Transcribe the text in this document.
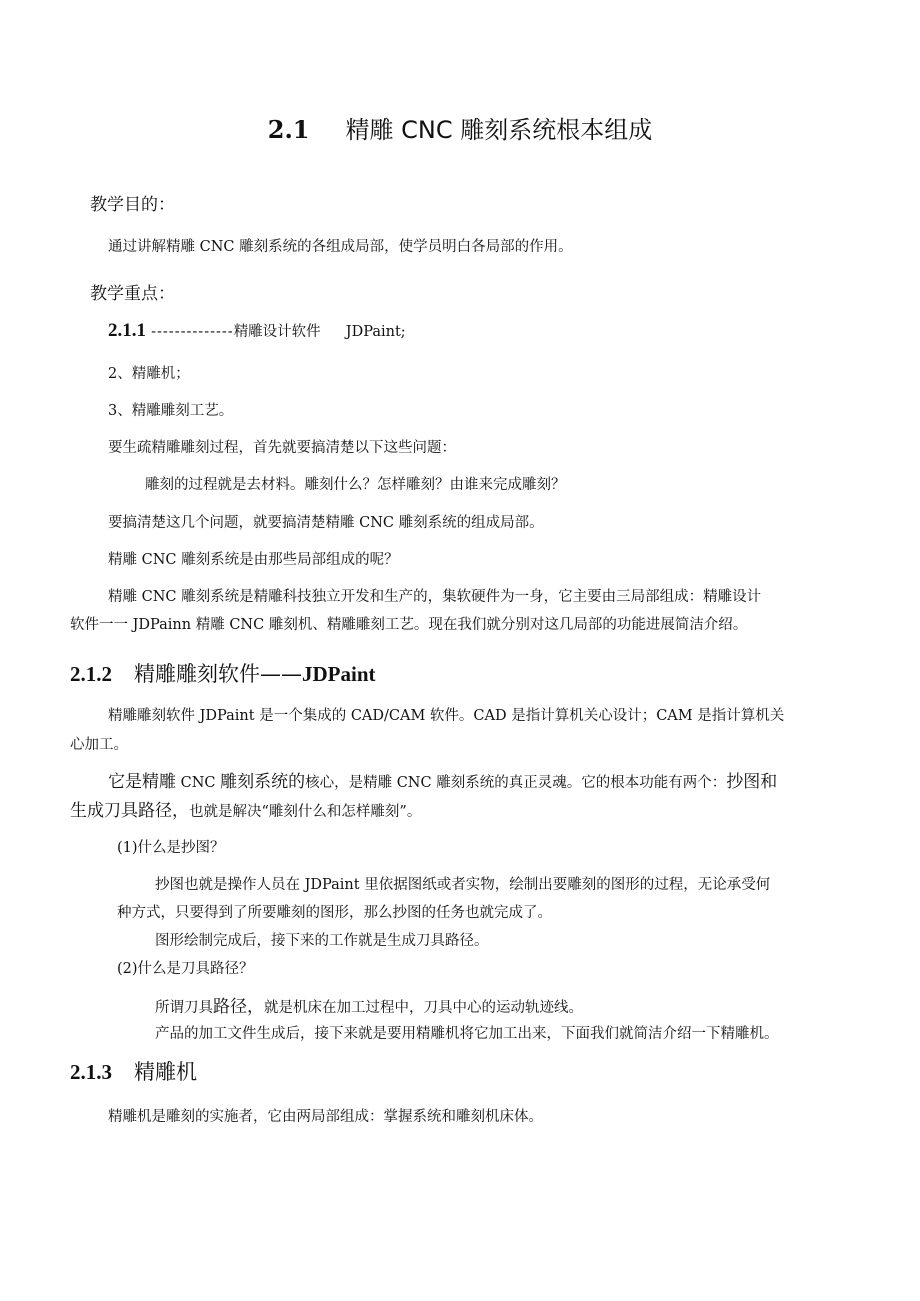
2.1 精雕 CNC 雕刻系统根本组成
教学目的：
通过讲解精雕 CNC 雕刻系统的各组成局部，使学员明白各局部的作用。
教学重点：
2.1.1 --------------精雕设计软件 JDPaint;
2、精雕机；
3、精雕雕刻工艺。
要生疏精雕雕刻过程，首先就要搞清楚以下这些问题：
雕刻的过程就是去材料。雕刻什么？怎样雕刻？由谁来完成雕刻？
要搞清楚这几个问题，就要搞清楚精雕 CNC 雕刻系统的组成局部。
精雕 CNC 雕刻系统是由那些局部组成的呢？
精雕 CNC 雕刻系统是精雕科技独立开发和生产的，集软硬件为一身，它主要由三局部组成：精雕设计
软件一一 JDPainn 精雕 CNC 雕刻机、精雕雕刻工艺。现在我们就分别对这几局部的功能进展简洁介绍。
2.1.2 精雕雕刻软件——JDPaint
精雕雕刻软件 JDPaint 是一个集成的 CAD/CAM 软件。CAD 是指计算机关心设计；CAM 是指计算机关
心加工。
它是精雕 CNC 雕刻系统的核心，是精雕 CNC 雕刻系统的真正灵魂。它的根本功能有两个：抄图和
生成刀具路径，也就是解决“雕刻什么和怎样雕刻”。
(1)什么是抄图？
抄图也就是操作人员在 JDPaint 里依据图纸或者实物，绘制出要雕刻的图形的过程，无论承受何
种方式，只要得到了所要雕刻的图形，那么抄图的任务也就完成了。
图形绘制完成后，接下来的工作就是生成刀具路径。
(2)什么是刀具路径？
所谓刀具路径，就是机床在加工过程中，刀具中心的运动轨迹线。
产品的加工文件生成后，接下来就是要用精雕机将它加工出来，下面我们就简洁介绍一下精雕机。
2.1.3 精雕机
精雕机是雕刻的实施者，它由两局部组成：掌握系统和雕刻机床体。
